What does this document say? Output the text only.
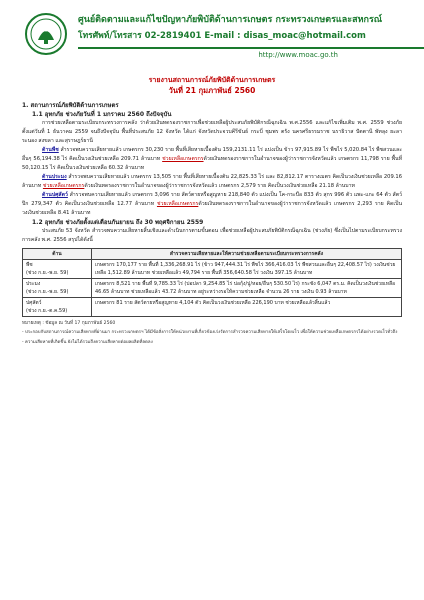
ศูนย์ติดตามและแก้ไขปัญหาภัยพิบัติด้านการเกษตร กระทรวงเกษตรและสหกรณ์
โทรศัพท์/โทรสาร 02-2819401 E-mail : disas_moac@hotmail.com
http://www.moac.go.th
รายงานสถานการณ์ภัยพิบัติด้านการเกษตร
วันที่ 21 กุมภาพันธ์ 2560
1. สถานการณ์ภัยพิบัติด้านการเกษตร
1.1 อุทกภัย ช่วงภัยวันที่ 1 มกราคม 2560 ถึงปัจจุบัน

การช่วยเหลือตามระเบียบกระทรวงการคลัง ว่าด้วยเงินทดรองราชการเพื่อช่วยเหลือผู้ประสบภัยพิบัติกรณีฉุกเฉิน พ.ศ.2556 และแก้ไขเพิ่มเติม พ.ศ. 2559 ช่วงภัยตั้งแต่วันที่ 1 ธันวาคม 2559 จนถึงปัจจุบัน พื้นที่ประสบภัย 12 จังหวัด ได้แก่ จังหวัดประจวบคีรีขันธ์ กระบี่ ชุมพร ตรัง นครศรีธรรมราช นราธิวาส ปัตตานี พัทลุง ยะลา ระนอง สงขลา และสุราษฎร์ธานี

ด้านพืช สำรวจพบความเสียหายแล้ว เกษตรกร 30,230 ราย พื้นที่เสียหายเบื้องต้น 159,2131.11 ไร่ แบ่งเป็น ข้าว 97,915.89 ไร่ พืชไร่ 5,020.84 ไร่ พืชสวนและอื่นๆ 56,194.38 ไร่ คิดเป็นวงเงินช่วยเหลือ 209.71 ล้านบาท ช่วยเหลือเกษตรกรด้วยเงินทดรองราชการในอำนาจของผู้ว่าราชการจังหวัดแล้ว เกษตรกร 11,798 ราย พื้นที่ 50,120.15 ไร่ คิดเป็นวงเงินช่วยเหลือ 60.32 ล้านบาท

ด้านประมง สำรวจพบความเสียหายแล้ว เกษตรกร 13,505 ราย พื้นที่เสียหายเบื้องต้น 22,825.33 ไร่ และ 82,812.17 ตารางเมตร คิดเป็นวงเงินช่วยเหลือ 209.16 ล้านบาท ช่วยเหลือเกษตรกรด้วยเงินทดรองราชการในอำนาจของผู้ว่าราชการจังหวัดแล้ว เกษตรกร 2,579 ราย คิดเป็นวงเงินช่วยเหลือ 21.18 ล้านบาท

ด้านปศุสัตว์ สำรวจพบความเสียหายแล้ว เกษตรกร 3,096 ราย สัตว์ตายหรือสูญหาย 218,840 ตัว แบ่งเป็น โค-กระบือ 833 ตัว สุกร 996 ตัว แพะ-แกะ 64 ตัว สัตว์ปีก 279,347 ตัว คิดเป็นวงเงินช่วยเหลือ 12.77 ล้านบาท ช่วยเหลือเกษตรกรด้วยเงินทดรองราชการในอำนาจของผู้ว่าราชการจังหวัดแล้ว เกษตรกร 2,293 ราย คิดเป็นวงเงินช่วยเหลือ 8.41 ล้านบาท

1.2 อุทกภัย ช่วงภัยตั้งแต่เดือนกันยายน ถึง 30 พฤศจิกายน 2559

ประสบภัย 53 จังหวัด สำรวจพบความเสียหายสิ้นเชิงและดำเนินการตามขั้นตอน เพื่อช่วยเหลือผู้ประสบภัยพิบัติกรณีฉุกเฉิน (ช่วงภัย) ซึ่งเป็นไปตามระเบียบกระทรวงการคลัง พ.ศ. 2556 สรุปได้ดังนี้

ด้าน	สำรวจความเสียหายและให้ความช่วยเหลือตามระเบียบกระทรวงการคลัง

พืช
(ช่วง ก.ย.-พ.ย. 59)	เกษตรกร 170,177 ราย พื้นที่ 1,336,268.91 ไร่ (ข้าว 947,444.31 ไร่ พืชไร่ 366,416.03 ไร่ พืชสวนและอื่นๆ 22,408.57 ไร่) วงเงินช่วยเหลือ 1,512.89 ล้านบาท ช่วยเหลือแล้ว 49,794 ราย พื้นที่ 356,640.58 ไร่ วงเงิน 397.15 ล้านบาท

ประมง
(ช่วง ก.ย.-พ.ย. 59)	เกษตรกร 8,521 ราย พื้นที่ 9,785.33 ไร่ (บ่อปลา 9,254.85 ไร่ บ่อกุ้ง/ปู/หอย/อื่นๆ 530.50 ไร่) กระชัง 6,047 ตร.ม. คิดเป็นวงเงินช่วยเหลือ 46.65 ล้านบาท ช่วยเหลือแล้ว 43.72 ล้านบาท อยู่ระหว่างรอให้ความช่วยเหลือ จำนวน 26 ราย วงเงิน 0.93 ล้านบาท

ปศุสัตว์
(ช่วง ก.ย.-ต.ค.59)	เกษตรกร 81 ราย สัตว์ตายหรือสูญหาย 4,104 ตัว คิดเป็นวงเงินช่วยเหลือ 226,190 บาท ช่วยเหลือแล้วสิ้นแล้ว
หมายเหตุ : ข้อมูล ณ วันที่ 17 กุมภาพันธ์ 2560
- ประกอบกับสถานการณ์ความเสียหายที่ผ่านมา กระทรวงเกษตรฯ ได้มีข้อสั่งการให้หน่วยงานที่เกี่ยวข้องเร่งรัดการสำรวจความเสียหายให้เสร็จโดยเร็ว เพื่อให้ความช่วยเหลือเกษตรกรได้อย่างรวดเร็วทั่วถึง
- ความเสียหายที่เกิดขึ้น ยังไม่ได้รวมถึงความเสียหายต่อผลผลิตที่ลดลง
